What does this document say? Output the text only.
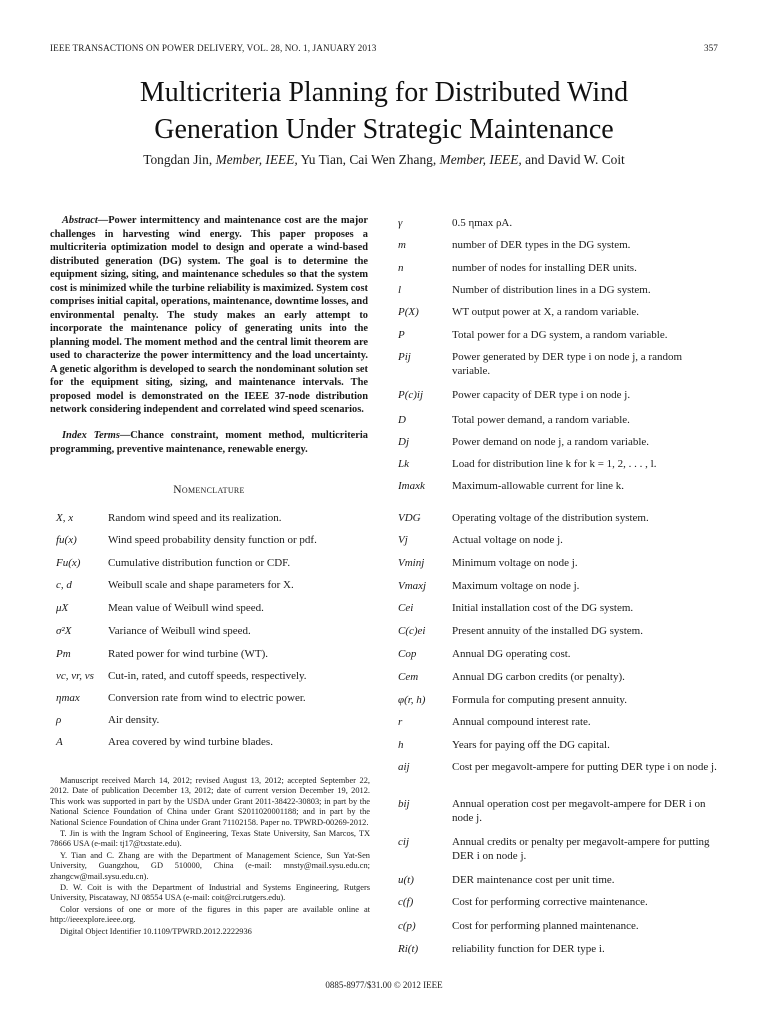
IEEE TRANSACTIONS ON POWER DELIVERY, VOL. 28, NO. 1, JANUARY 2013	357
Multicriteria Planning for Distributed Wind
Generation Under Strategic Maintenance

Tongdan Jin, Member, IEEE, Yu Tian, Cai Wen Zhang, Member, IEEE, and David W. Coit

Abstract—Power intermittency and maintenance cost are the major challenges in harvesting wind energy. This paper proposes a multicriteria optimization model to design and operate a wind-based distributed generation (DG) system. The goal is to determine the equipment sizing, siting, and maintenance schedules so that the system cost is minimized while the turbine reliability is maximized. System cost comprises initial capital, operations, maintenance, downtime losses, and environmental penalty. The study makes an early attempt to incorporate the maintenance policy of generating units into the planning model. The moment method and the central limit theorem are used to characterize the power intermittency and the load uncertainty. A genetic algorithm is developed to search the nondominant solution set for the equipment siting, sizing, and maintenance intervals. The proposed model is demonstrated on the IEEE 37-node distribution network considering independent and correlated wind speed scenarios.

Index Terms—Chance constraint, moment method, multicriteria programming, preventive maintenance, renewable energy.

Nomenclature
X, x	Random wind speed and its realization.
fu(x)	Wind speed probability density function or pdf.
Fu(x)	Cumulative distribution function or CDF.
c, d	Weibull scale and shape parameters for X.
μX	Mean value of Weibull wind speed.
σ²X	Variance of Weibull wind speed.
Pm	Rated power for wind turbine (WT).
vc, vr, vs	Cut-in, rated, and cutoff speeds, respectively.
ηmax	Conversion rate from wind to electric power.
ρ	Air density.
A	Area covered by wind turbine blades.

Manuscript received March 14, 2012; revised August 13, 2012; accepted September 22, 2012. Date of publication December 13, 2012; date of current version December 19, 2012. This work was supported in part by the USDA under Grant 2011-38422-30803; in part by the National Science Foundation of China under Grant S2011020001188; and in part by the National Science Foundation of China under Grant 71102158. Paper no. TPWRD-00269-2012.

T. Jin is with the Ingram School of Engineering, Texas State University, San Marcos, TX 78666 USA (e-mail: tj17@txstate.edu).

Y. Tian and C. Zhang are with the Department of Management Science, Sun Yat-Sen University, Guangzhou, GD 510000, China (e-mail: mnsty@mail.sysu.edu.cn; zhangcw@mail.sysu.edu.cn).

D. W. Coit is with the Department of Industrial and Systems Engineering, Rutgers University, Piscataway, NJ 08554 USA (e-mail: coit@rci.rutgers.edu).

Color versions of one or more of the figures in this paper are available online at http://ieeexplore.ieee.org.

Digital Object Identifier 10.1109/TPWRD.2012.2222936

γ	0.5 ηmax ρA.
m	number of DER types in the DG system.
n	number of nodes for installing DER units.
l	Number of distribution lines in a DG system.
P(X)	WT output power at X, a random variable.
P	Total power for a DG system, a random variable.
Pij	Power generated by DER type i on node j, a random variable.
P(c)ij	Power capacity of DER type i on node j.
D	Total power demand, a random variable.
Dj	Power demand on node j, a random variable.
Lk	Load for distribution line k for k = 1, 2, . . . , l.
Imaxk	Maximum-allowable current for line k.
VDG	Operating voltage of the distribution system.
Vj	Actual voltage on node j.
Vminj	Minimum voltage on node j.
Vmaxj	Maximum voltage on node j.
Cei	Initial installation cost of the DG system.
C(c)ei	Present annuity of the installed DG system.
Cop	Annual DG operating cost.
Cem	Annual DG carbon credits (or penalty).
φ(r, h)	Formula for computing present annuity.
r	Annual compound interest rate.
h	Years for paying off the DG capital.
aij	Cost per megavolt-ampere for putting DER type i on node j.
bij	Annual operation cost per megavolt-ampere for DER i on node j.
cij	Annual credits or penalty per megavolt-ampere for putting DER i on node j.
u(t)	DER maintenance cost per unit time.
c(f)	Cost for performing corrective maintenance.
c(p)	Cost for performing planned maintenance.
Ri(t)	reliability function for DER type i.
0885-8977/$31.00 © 2012 IEEE
